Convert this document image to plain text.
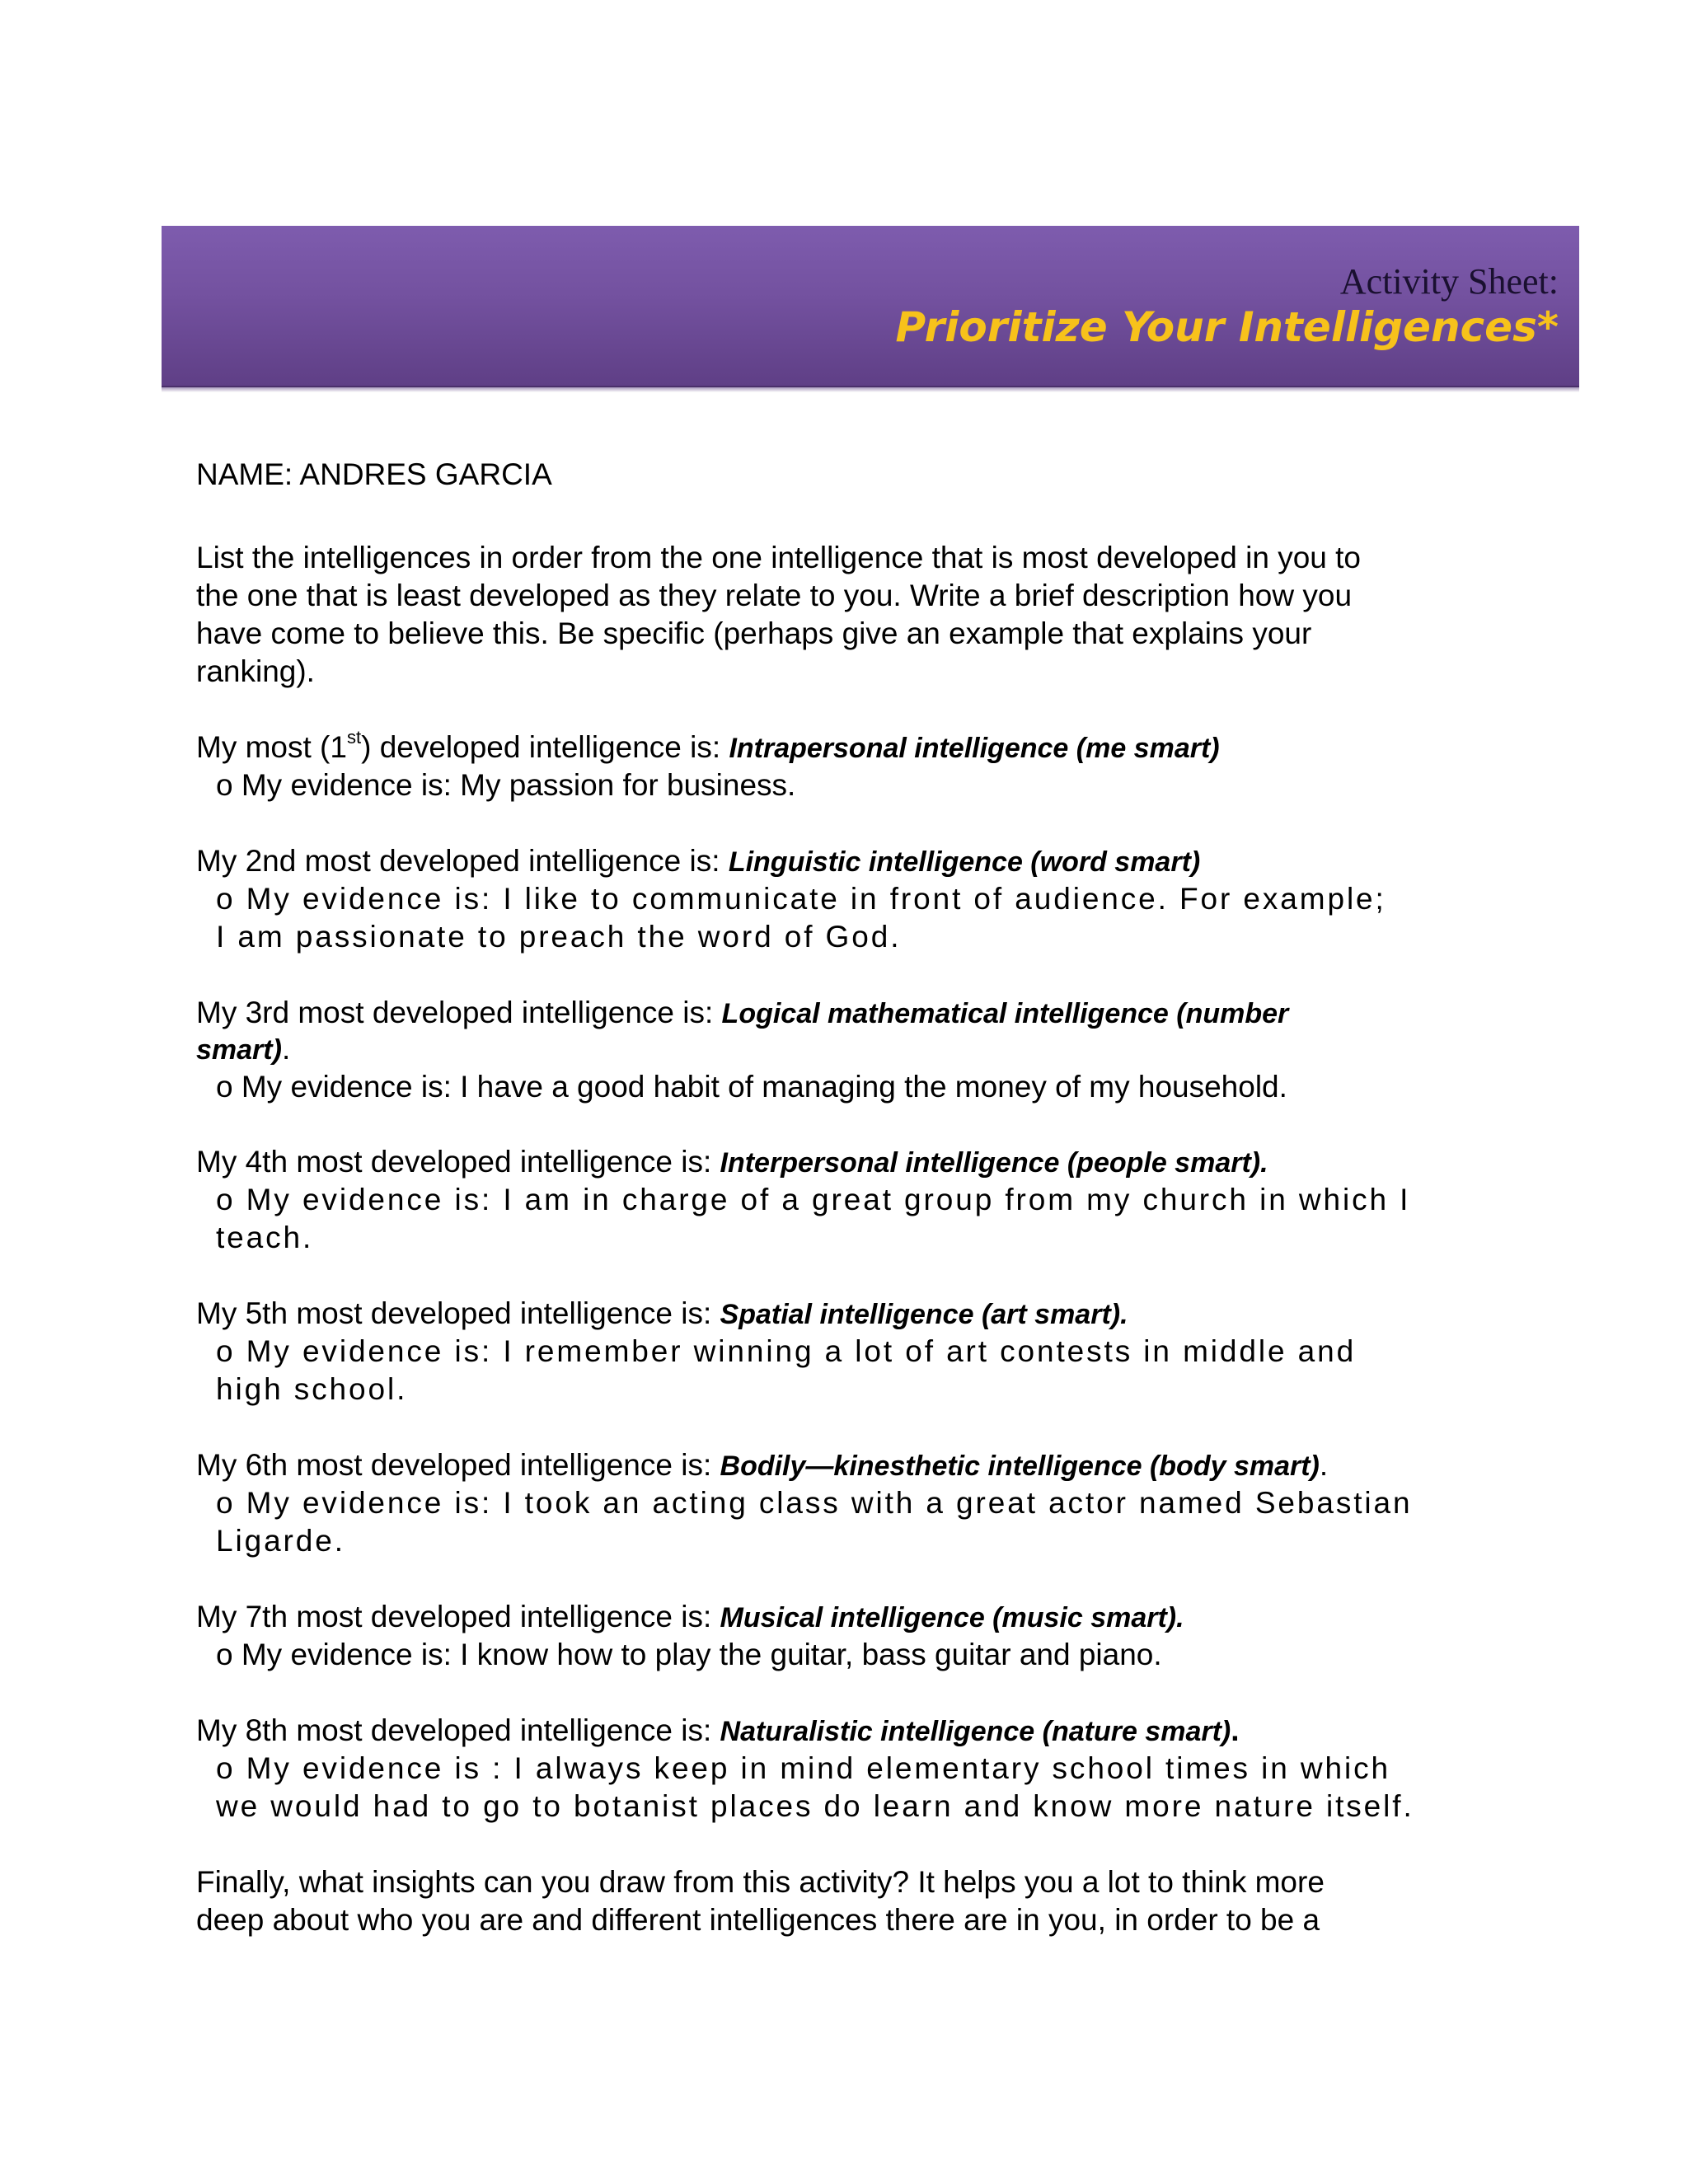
Activity Sheet:
Prioritize Your Intelligences*
NAME: ANDRES GARCIA
List the intelligences in order from the one intelligence that is most developed in you to
the one that is least developed as they relate to you. Write a brief description how you
have come to believe this. Be specific (perhaps give an example that explains your
ranking).
My most (1st) developed intelligence is: Intrapersonal intelligence (me smart)
o My evidence is: My passion for business.
My 2nd most developed intelligence is: Linguistic intelligence (word smart)
o My evidence is: I like to communicate in front of audience. For example;
I am passionate to preach the word of God.
My 3rd most developed intelligence is: Logical mathematical intelligence (number
smart).
o My evidence is: I have a good habit of managing the money of my household.
My 4th most developed intelligence is: Interpersonal intelligence (people smart).
o My evidence is: I am in charge of a great group from my church in which I
teach.
My 5th most developed intelligence is: Spatial intelligence (art smart).
o My evidence is: I remember winning a lot of art contests in middle and
high school.
My 6th most developed intelligence is: Bodily—kinesthetic intelligence (body smart).
o My evidence is: I took an acting class with a great actor named Sebastian
Ligarde.
My 7th most developed intelligence is: Musical intelligence (music smart).
o My evidence is: I know how to play the guitar, bass guitar and piano.
My 8th most developed intelligence is: Naturalistic intelligence (nature smart).
o My evidence is : I always keep in mind elementary school times in which
we would had to go to botanist places do learn and know more nature itself.
Finally, what insights can you draw from this activity? It helps you a lot to think more
deep about who you are and different intelligences there are in you, in order to be a
